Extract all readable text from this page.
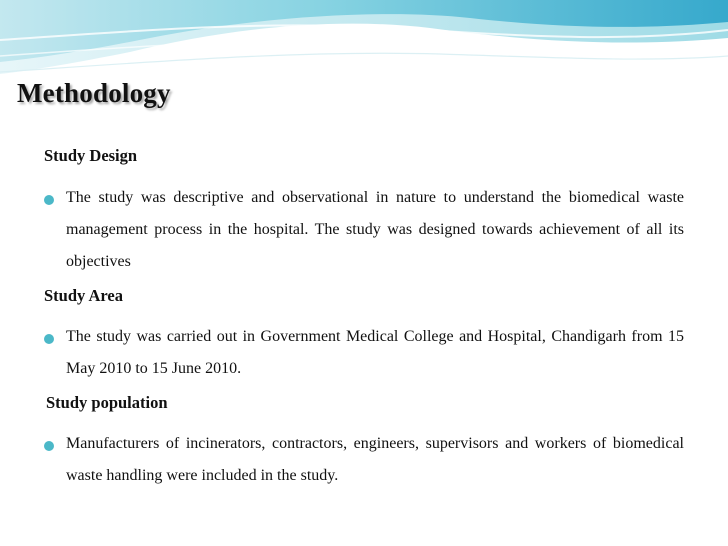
Methodology
Study Design
The study was descriptive and observational in nature to understand the biomedical waste management process in the hospital. The study was designed towards achievement of all its objectives
Study Area
The study was carried out in Government Medical College and Hospital, Chandigarh from 15 May 2010 to 15 June 2010.
Study population
Manufacturers of incinerators, contractors, engineers, supervisors and workers of biomedical waste handling were included in the study.
